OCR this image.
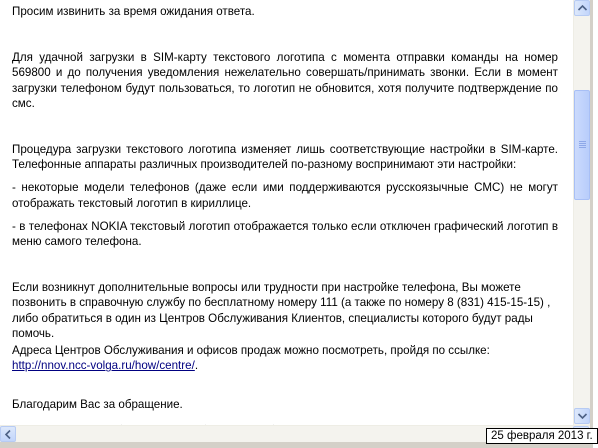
Просим извинить за время ожидания ответа.

Для удачной загрузки в SIM-карту текстового логотипа с момента отправки команды на номер 569800 и до получения уведомления нежелательно совершать/принимать звонки. Если в момент загрузки телефоном будут пользоваться, то логотип не обновится, хотя получите подтверждение по смс.

Процедура загрузки текстового логотипа изменяет лишь соответствующие настройки в SIM-карте. Телефонные аппараты различных производителей по-разному воспринимают эти настройки:

- некоторые модели телефонов (даже если ими поддерживаются русскоязычные СМС) не могут отображать текстовый логотип в кириллице.

- в телефонах NOKIA текстовый логотип отображается только если отключен графический логотип в меню самого телефона.

Если возникнут дополнительные вопросы или трудности при настройке телефона, Вы можете позвонить в справочную службу по бесплатному номеру 111 (а также по номеру 8 (831) 415-15-15) , либо обратиться в один из Центров Обслуживания Клиентов, специалисты которого будут рады помочь.

Адреса Центров Обслуживания и офисов продаж можно посмотреть, пройдя по ссылке: http://nnov.ncc-volga.ru/how/centre/.

Благодарим Вас за обращение.

25 февраля 2013 г.
